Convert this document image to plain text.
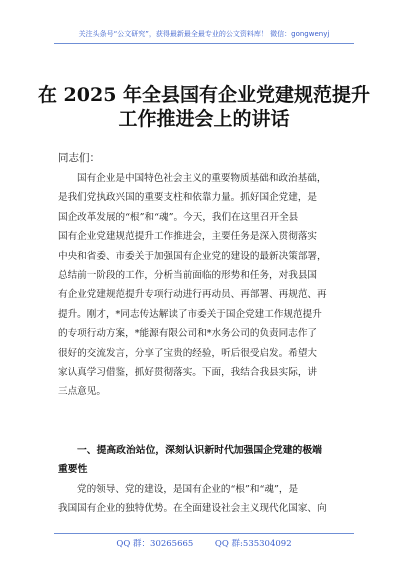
关注头条号“公文研究”，获得最新最全最专业的公文资料库！ 微信：gongwenyj
在 2025 年全县国有企业党建规范提升
工作推进会上的讲话
同志们：
国有企业是中国特色社会主义的重要物质基础和政治基础，
是我们党执政兴国的重要支柱和依靠力量。抓好国企党建，是
国企改革发展的“根”和“魂”。今天，我们在这里召开全县
国有企业党建规范提升工作推进会，主要任务是深入贯彻落实
中央和省委、市委关于加强国有企业党的建设的最新决策部署，
总结前一阶段的工作，分析当前面临的形势和任务，对我县国
有企业党建规范提升专项行动进行再动员、再部署、再规范、再
提升。刚才，*同志传达解读了市委关于国企党建工作规范提升
的专项行动方案，*能源有限公司和*水务公司的负责同志作了
很好的交流发言，分享了宝贵的经验，听后很受启发。希望大
家认真学习借鉴，抓好贯彻落实。下面，我结合我县实际，讲
三点意见。
一、提高政治站位，深刻认识新时代加强国企党建的极端
重要性
党的领导、党的建设，是国有企业的“根”和“魂”，是
我国国有企业的独特优势。在全面建设社会主义现代化国家、向
QQ 群：30265665	QQ 群:535304092
